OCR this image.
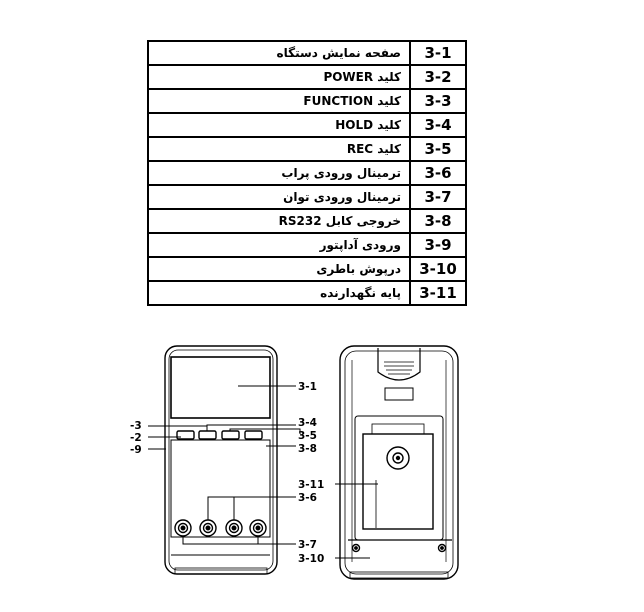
صفحه نمایش دستگاه	3-1
کلید POWER	3-2
کلید FUNCTION	3-3
کلید HOLD	3-4
کلید REC	3-5
ترمینال ورودی پراب	3-6
ترمینال ورودی توان	3-7
خروجی کابل RS232	3-8
ورودی آداپتور	3-9
درپوش باطری	3-10
پایه نگهدارنده	3-11
3-1
3-4
3-5
3-8
3-6
3-7
3-11
3-10
-3
-2
-9
